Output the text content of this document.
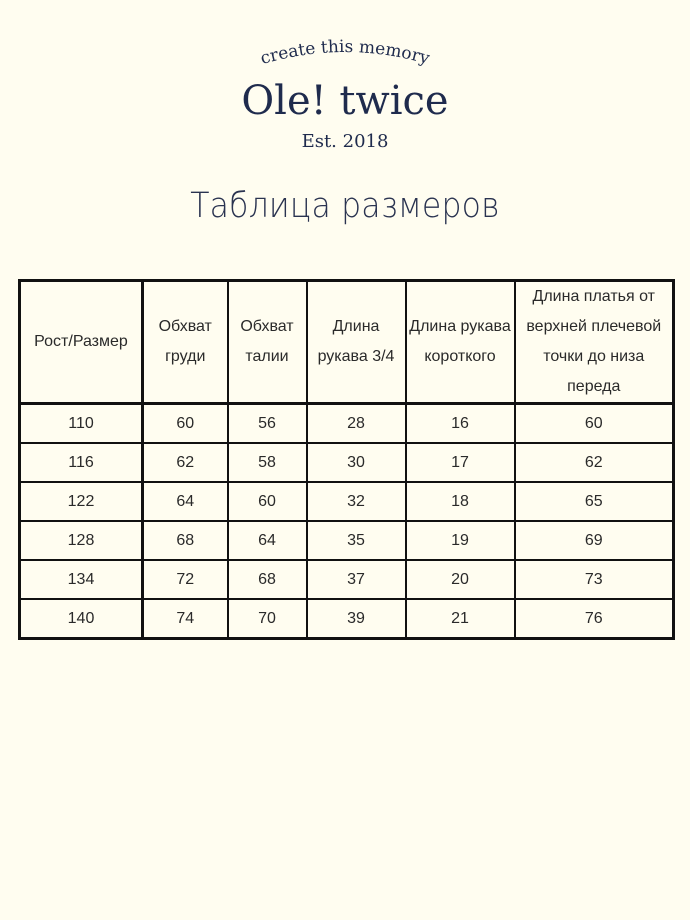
create this memory
Ole! twice
Est. 2018
Таблица размеров
Рост/Размер	Обхват груди	Обхват талии	Длина рукава 3/4	Длина рукава короткого	Длина платья от верхней плечевой точки до низа переда
110	60	56	28	16	60
116	62	58	30	17	62
122	64	60	32	18	65
128	68	64	35	19	69
134	72	68	37	20	73
140	74	70	39	21	76
